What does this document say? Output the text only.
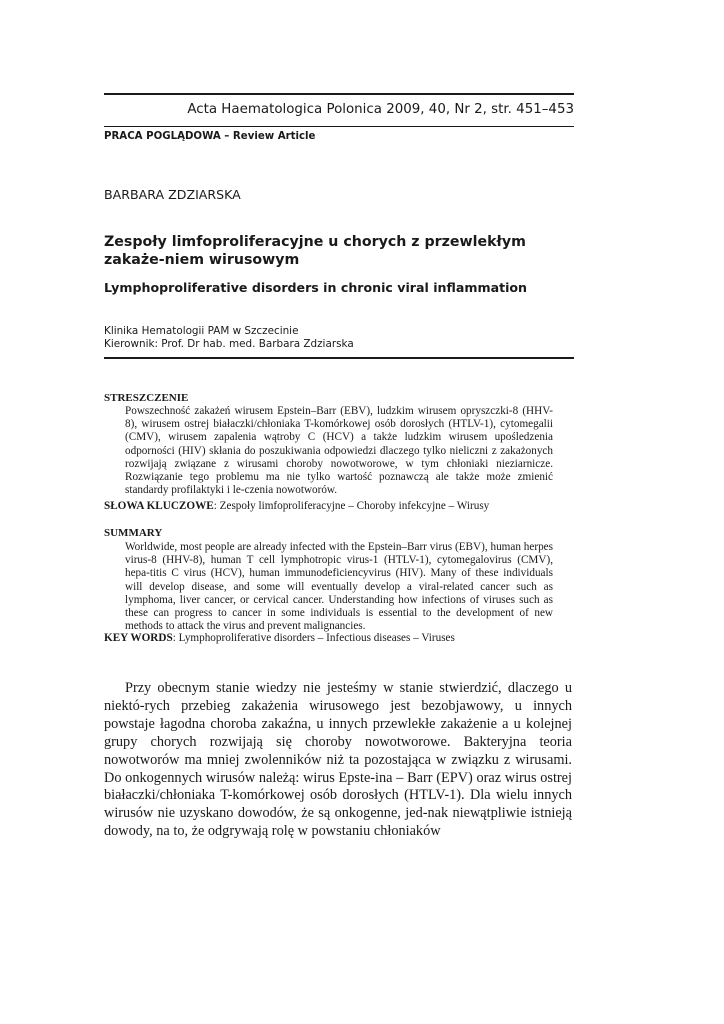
Acta Haematologica Polonica 2009, 40, Nr 2, str. 451–453
PRACA POGLĄDOWA – Review Article
BARBARA ZDZIARSKA
Zespoły limfoproliferacyjne u chorych z przewlekłym zakaże-niem wirusowym
Lymphoproliferative disorders in chronic viral inflammation
Klinika Hematologii PAM w Szczecinie
Kierownik: Prof. Dr hab. med. Barbara Zdziarska
STRESZCZENIE
Powszechność zakażeń wirusem Epstein–Barr (EBV), ludzkim wirusem opryszczki-8 (HHV-8), wirusem ostrej białaczki/chłoniaka T-komórkowej osób dorosłych (HTLV-1), cytomegalii (CMV), wirusem zapalenia wątroby C (HCV) a także ludzkim wirusem upośledzenia odporności (HIV) skłania do poszukiwania odpowiedzi dlaczego tylko nieliczni z zakażonych rozwijają związane z wirusami choroby nowotworowe, w tym chłoniaki nieziarnicze. Rozwiązanie tego problemu ma nie tylko wartość poznawczą ale także może zmienić standardy profilaktyki i le-czenia nowotworów.
SŁOWA KLUCZOWE: Zespoły limfoproliferacyjne – Choroby infekcyjne – Wirusy
SUMMARY
Worldwide, most people are already infected with the Epstein–Barr virus (EBV), human herpes virus-8 (HHV-8), human T cell lymphotropic virus-1 (HTLV-1), cytomegalovirus (CMV), hepa-titis C virus (HCV), human immunodeficiencyvirus (HIV). Many of these individuals will develop disease, and some will eventually develop a viral-related cancer such as lymphoma, liver cancer, or cervical cancer. Understanding how infections of viruses such as these can progress to cancer in some individuals is essential to the development of new methods to attack the virus and prevent malignancies.
KEY WORDS: Lymphoproliferative disorders – Infectious diseases – Viruses
Przy obecnym stanie wiedzy nie jesteśmy w stanie stwierdzić, dlaczego u niektó-rych przebieg zakażenia wirusowego jest bezobjawowy, u innych powstaje łagodna choroba zakaźna, u innych przewlekłe zakażenie a u kolejnej grupy chorych rozwijają się choroby nowotworowe. Bakteryjna teoria nowotworów ma mniej zwolenników niż ta pozostająca w związku z wirusami. Do onkogennych wirusów należą: wirus Epste-ina – Barr (EPV) oraz wirus ostrej białaczki/chłoniaka T-komórkowej osób dorosłych (HTLV-1). Dla wielu innych wirusów nie uzyskano dowodów, że są onkogenne, jed-nak niewątpliwie istnieją dowody, na to, że odgrywają rolę w powstaniu chłoniaków
